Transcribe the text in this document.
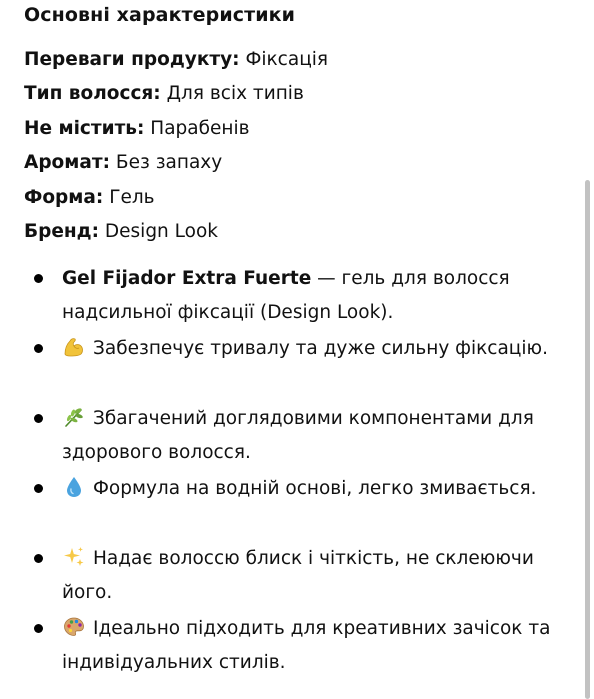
Основні характеристики
Переваги продукту : Фіксація
Тип волосся : Для всіх типів
Не містить : Парабенів
Аромат : Без запаху
Форма : Гель
Бренд : Design Look
Gel Fijador Extra Fuerte — гель для волосся надсильної фіксації (Design Look).
Забезпечує тривалу та дуже сильну фіксацію.
Збагачений доглядовими компонентами для здорового волосся.
Формула на водній основі, легко змивається.
Надає волоссю блиск і чіткість, не склеюючи його.
Ідеально підходить для креативних зачісок та індивідуальних стилів.
